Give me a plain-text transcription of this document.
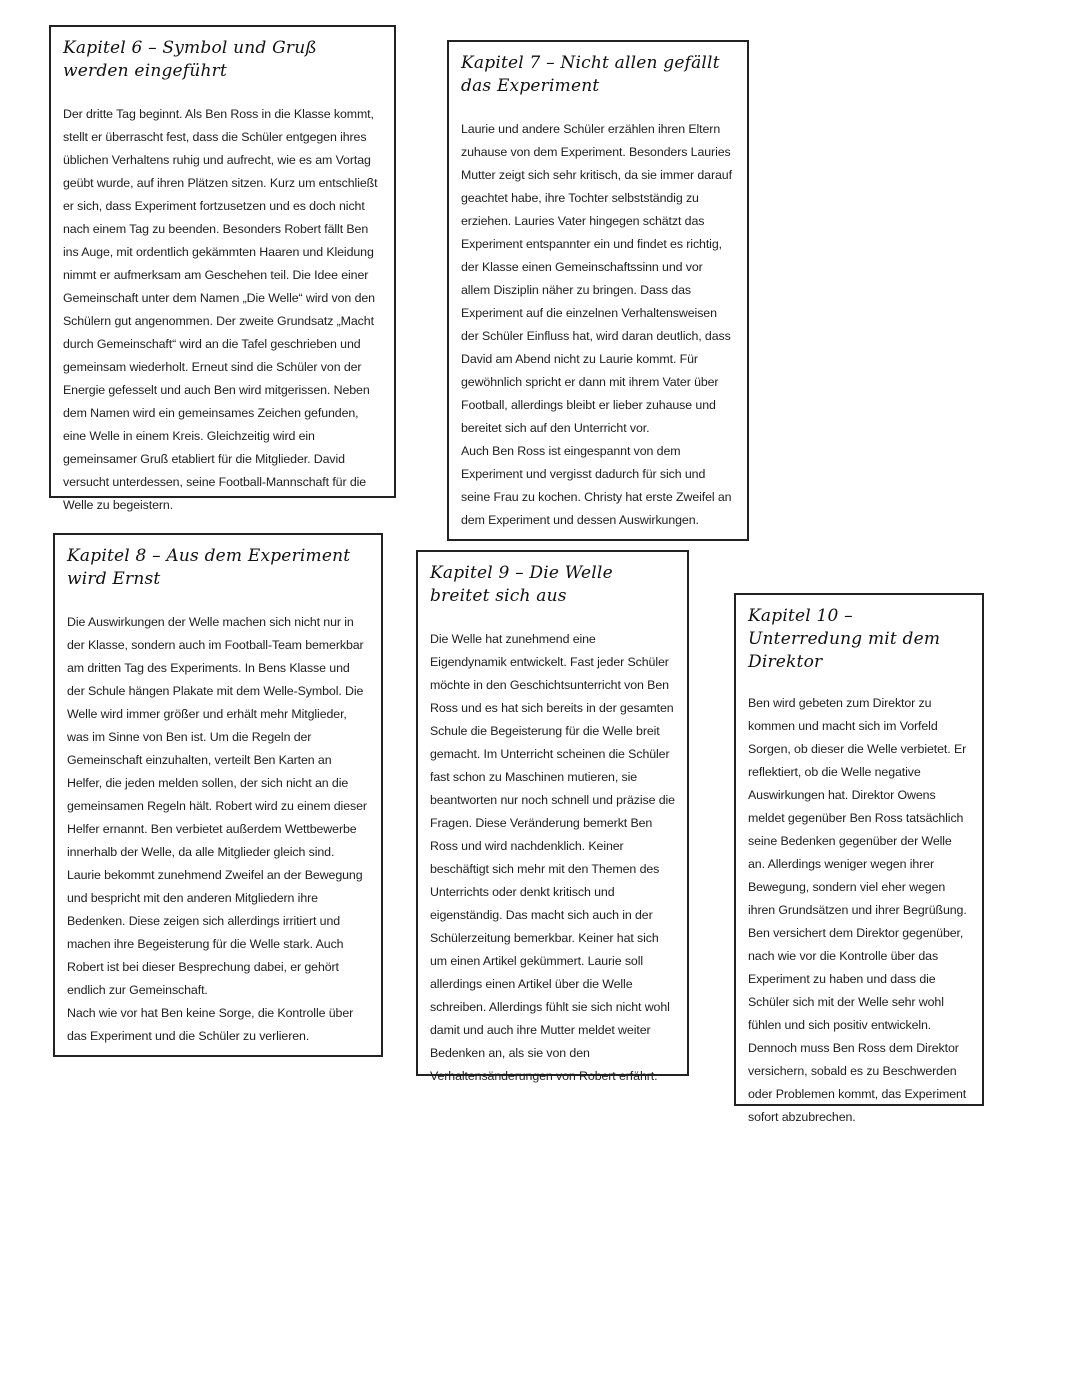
Kapitel 6 – Symbol und Gruß werden eingeführt

Der dritte Tag beginnt. Als Ben Ross in die Klasse kommt, stellt er überrascht fest, dass die Schüler entgegen ihres üblichen Verhaltens ruhig und aufrecht, wie es am Vortag geübt wurde, auf ihren Plätzen sitzen. Kurz um entschließt er sich, dass Experiment fortzusetzen und es doch nicht nach einem Tag zu beenden. Besonders Robert fällt Ben ins Auge, mit ordentlich gekämmten Haaren und Kleidung nimmt er aufmerksam am Geschehen teil. Die Idee einer Gemeinschaft unter dem Namen „Die Welle“ wird von den Schülern gut angenommen. Der zweite Grundsatz „Macht durch Gemeinschaft“ wird an die Tafel geschrieben und gemeinsam wiederholt. Erneut sind die Schüler von der Energie gefesselt und auch Ben wird mitgerissen. Neben dem Namen wird ein gemeinsames Zeichen gefunden, eine Welle in einem Kreis. Gleichzeitig wird ein gemeinsamer Gruß etabliert für die Mitglieder. David versucht unterdessen, seine Football-Mannschaft für die Welle zu begeistern.

Kapitel 7 – Nicht allen gefällt das Experiment

Laurie und andere Schüler erzählen ihren Eltern zuhause von dem Experiment. Besonders Lauries Mutter zeigt sich sehr kritisch, da sie immer darauf geachtet habe, ihre Tochter selbstständig zu erziehen. Lauries Vater hingegen schätzt das Experiment entspannter ein und findet es richtig, der Klasse einen Gemeinschaftssinn und vor allem Disziplin näher zu bringen. Dass das Experiment auf die einzelnen Verhaltensweisen der Schüler Einfluss hat, wird daran deutlich, dass David am Abend nicht zu Laurie kommt. Für gewöhnlich spricht er dann mit ihrem Vater über Football, allerdings bleibt er lieber zuhause und bereitet sich auf den Unterricht vor.

Auch Ben Ross ist eingespannt von dem Experiment und vergisst dadurch für sich und seine Frau zu kochen. Christy hat erste Zweifel an dem Experiment und dessen Auswirkungen.

Kapitel 8 – Aus dem Experiment wird Ernst

Die Auswirkungen der Welle machen sich nicht nur in der Klasse, sondern auch im Football-Team bemerkbar am dritten Tag des Experiments. In Bens Klasse und der Schule hängen Plakate mit dem Welle-Symbol. Die Welle wird immer größer und erhält mehr Mitglieder, was im Sinne von Ben ist. Um die Regeln der Gemeinschaft einzuhalten, verteilt Ben Karten an Helfer, die jeden melden sollen, der sich nicht an die gemeinsamen Regeln hält. Robert wird zu einem dieser Helfer ernannt. Ben verbietet außerdem Wettbewerbe innerhalb der Welle, da alle Mitglieder gleich sind.

Laurie bekommt zunehmend Zweifel an der Bewegung und bespricht mit den anderen Mitgliedern ihre Bedenken. Diese zeigen sich allerdings irritiert und machen ihre Begeisterung für die Welle stark. Auch Robert ist bei dieser Besprechung dabei, er gehört endlich zur Gemeinschaft.

Nach wie vor hat Ben keine Sorge, die Kontrolle über das Experiment und die Schüler zu verlieren.

Kapitel 9 – Die Welle breitet sich aus

Die Welle hat zunehmend eine Eigendynamik entwickelt. Fast jeder Schüler möchte in den Geschichtsunterricht von Ben Ross und es hat sich bereits in der gesamten Schule die Begeisterung für die Welle breit gemacht. Im Unterricht scheinen die Schüler fast schon zu Maschinen mutieren, sie beantworten nur noch schnell und präzise die Fragen. Diese Veränderung bemerkt Ben Ross und wird nachdenklich. Keiner beschäftigt sich mehr mit den Themen des Unterrichts oder denkt kritisch und eigenständig. Das macht sich auch in der Schülerzeitung bemerkbar. Keiner hat sich um einen Artikel gekümmert. Laurie soll allerdings einen Artikel über die Welle schreiben. Allerdings fühlt sie sich nicht wohl damit und auch ihre Mutter meldet weiter Bedenken an, als sie von den Verhaltensänderungen von Robert erfährt.

Kapitel 10 – Unterredung mit dem Direktor

Ben wird gebeten zum Direktor zu kommen und macht sich im Vorfeld Sorgen, ob dieser die Welle verbietet. Er reflektiert, ob die Welle negative Auswirkungen hat. Direktor Owens meldet gegenüber Ben Ross tatsächlich seine Bedenken gegenüber der Welle an. Allerdings weniger wegen ihrer Bewegung, sondern viel eher wegen ihren Grundsätzen und ihrer Begrüßung. Ben versichert dem Direktor gegenüber, nach wie vor die Kontrolle über das Experiment zu haben und dass die Schüler sich mit der Welle sehr wohl fühlen und sich positiv entwickeln. Dennoch muss Ben Ross dem Direktor versichern, sobald es zu Beschwerden oder Problemen kommt, das Experiment sofort abzubrechen.
